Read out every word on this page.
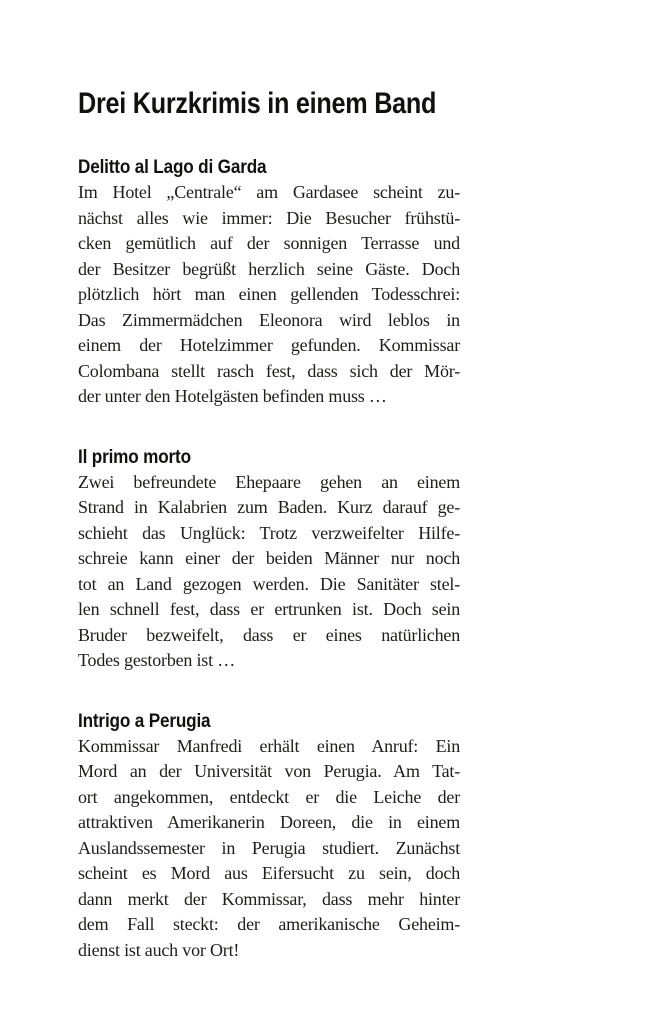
Drei Kurzkrimis in einem Band
Delitto al Lago di Garda
Im Hotel „Centrale“ am Gardasee scheint zu-
nächst alles wie immer: Die Besucher frühstü-
cken gemütlich auf der sonnigen Terrasse und
der Besitzer begrüßt herzlich seine Gäste. Doch
plötzlich hört man einen gellenden Todesschrei:
Das Zimmermädchen Eleonora wird leblos in
einem der Hotelzimmer gefunden. Kommissar
Colombana stellt rasch fest, dass sich der Mör-
der unter den Hotelgästen befinden muss …
Il primo morto
Zwei befreundete Ehepaare gehen an einem
Strand in Kalabrien zum Baden. Kurz darauf ge-
schieht das Unglück: Trotz verzweifelter Hilfe-
schreie kann einer der beiden Männer nur noch
tot an Land gezogen werden. Die Sanitäter stel-
len schnell fest, dass er ertrunken ist. Doch sein
Bruder bezweifelt, dass er eines natürlichen
Todes gestorben ist …
Intrigo a Perugia
Kommissar Manfredi erhält einen Anruf: Ein
Mord an der Universität von Perugia. Am Tat-
ort angekommen, entdeckt er die Leiche der
attraktiven Amerikanerin Doreen, die in einem
Auslandssemester in Perugia studiert. Zunächst
scheint es Mord aus Eifersucht zu sein, doch
dann merkt der Kommissar, dass mehr hinter
dem Fall steckt: der amerikanische Geheim-
dienst ist auch vor Ort!
